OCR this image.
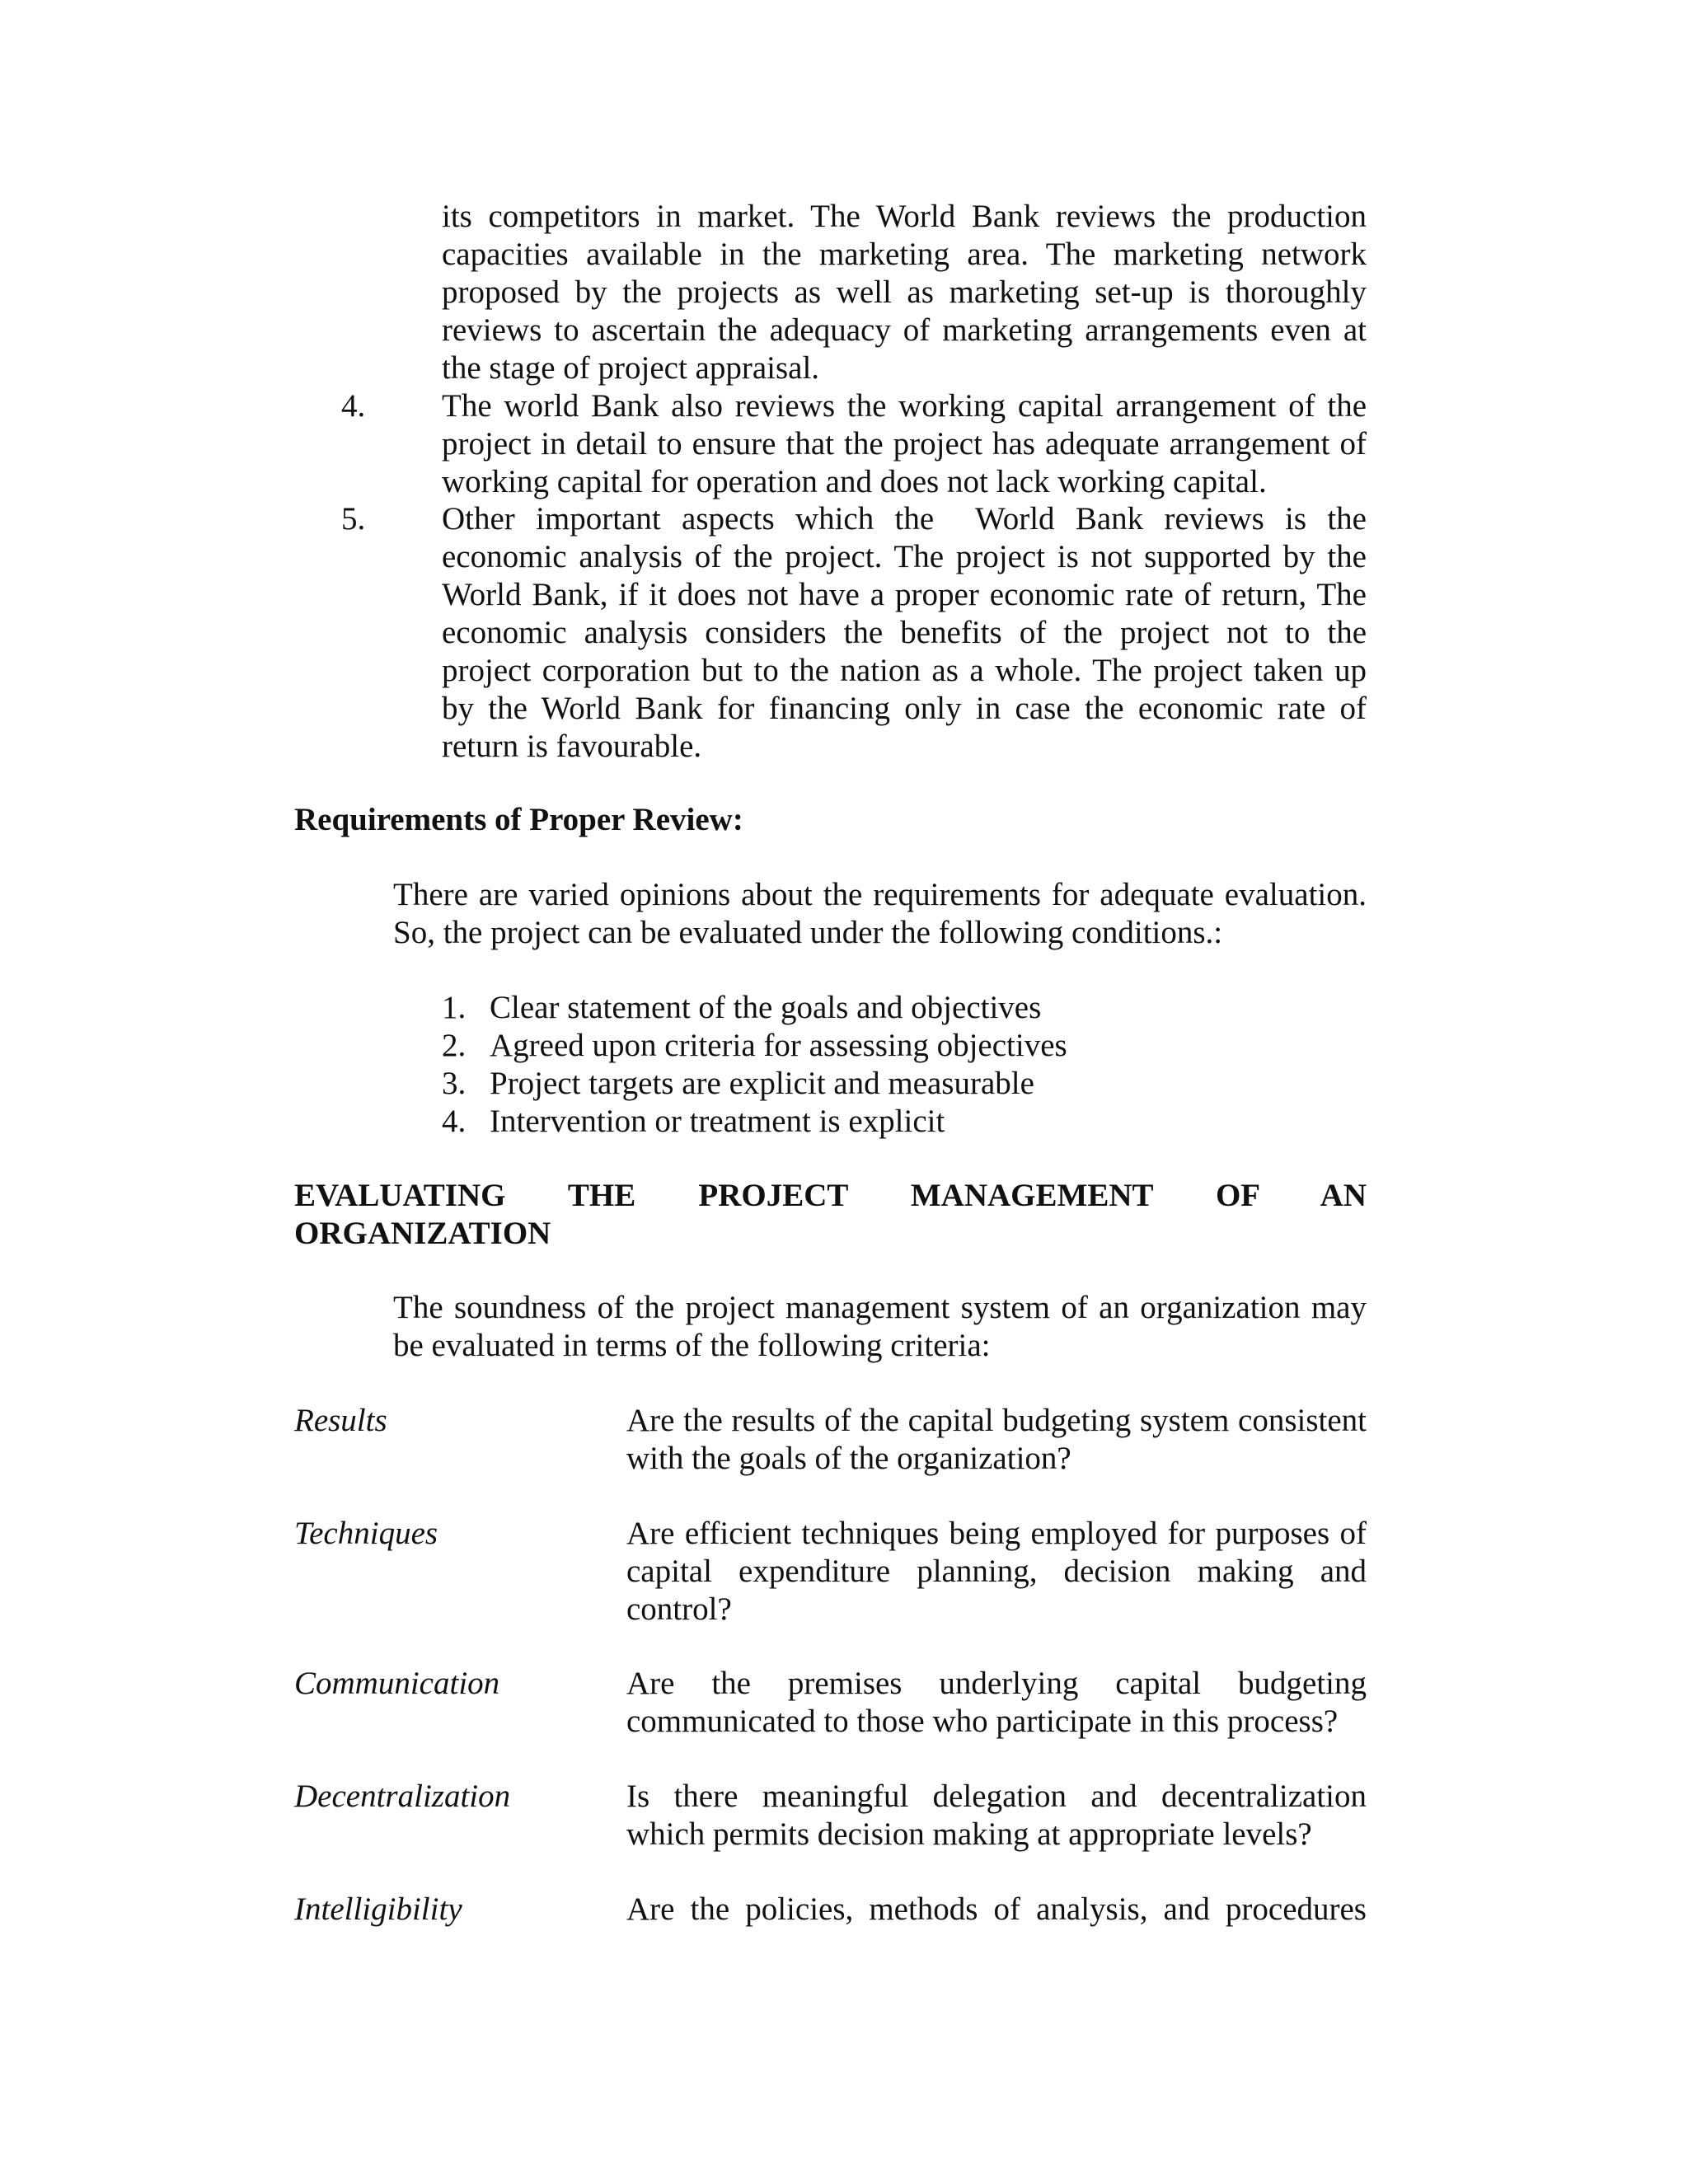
its competitors in market. The World Bank reviews the production capacities available in the marketing area. The marketing network proposed by the projects as well as marketing set-up is thoroughly reviews to ascertain the adequacy of marketing arrangements even at the stage of project appraisal.
4. The world Bank also reviews the working capital arrangement of the project in detail to ensure that the project has adequate arrangement of working capital for operation and does not lack working capital.
5. Other important aspects which the  World Bank reviews is the economic analysis of the project. The project is not supported by the World Bank, if it does not have a proper economic rate of return, The economic analysis considers the benefits of the project not to the project corporation but to the nation as a whole. The project taken up by the World Bank for financing only in case the economic rate of return is favourable.
Requirements of Proper Review:
There are varied opinions about the requirements for adequate evaluation. So, the project can be evaluated under the following conditions.:
1. Clear statement of the goals and objectives
2. Agreed upon criteria for assessing objectives
3. Project targets are explicit and measurable
4. Intervention or treatment is explicit
EVALUATING THE PROJECT MANAGEMENT OF AN
ORGANIZATION
The soundness of the project management system of an organization may be evaluated in terms of the following criteria:
Results	Are the results of the capital budgeting system consistent with the goals of the organization?
Techniques	Are efficient techniques being employed for purposes of capital expenditure planning, decision making and control?
Communication	Are the premises underlying capital budgeting communicated to those who participate in this process?
Decentralization	Is there meaningful delegation and decentralization which permits decision making at appropriate levels?
Intelligibility	Are the policies, methods of analysis, and procedures
